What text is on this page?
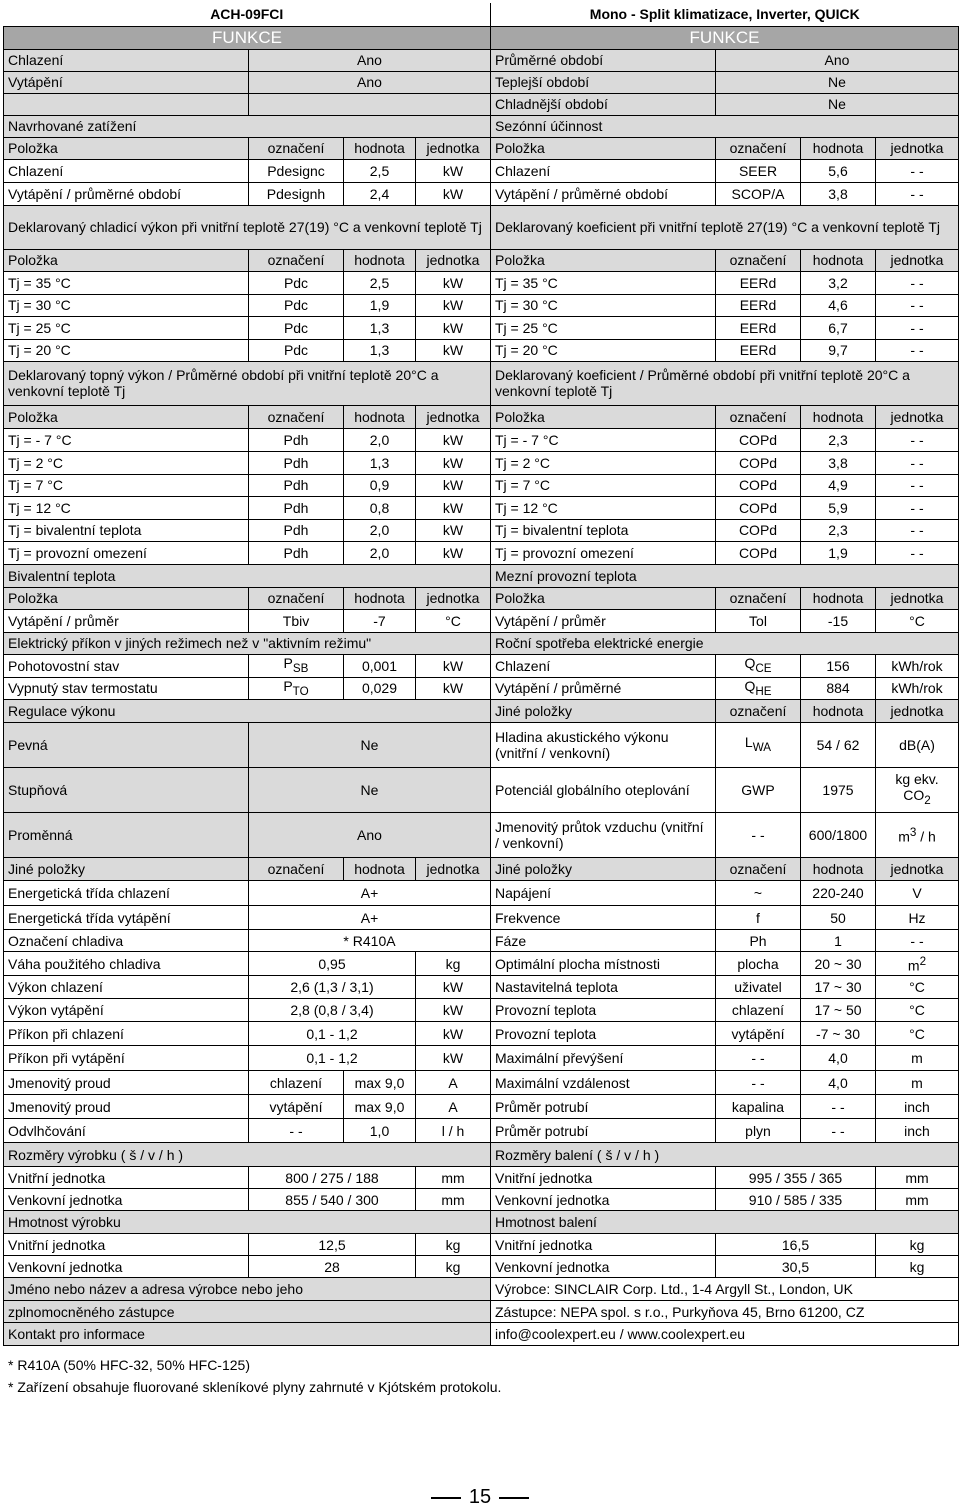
ACH-09FCI				Mono - Split klimatizace, Inverter, QUICK			
FUNKCE				FUNKCE			
Chlazení	Ano			Průměrné období	Ano		
Vytápění	Ano			Teplejší období	Ne		
				Chladnější období	Ne		
Navrhované zatížení				Sezónní účinnost			
Položka	označení	hodnota	jednotka	Položka	označení	hodnota	jednotka
Chlazení	Pdesignc	2,5	kW	Chlazení	SEER	5,6	- -
Vytápění / průměrné období	Pdesignh	2,4	kW	Vytápění / průměrné období	SCOP/A	3,8	- -
Deklarovaný chladicí výkon při vnitřní teplotě 27(19) °C a venkovní teplotě Tj				Deklarovaný koeficient při vnitřní teplotě 27(19) °C a venkovní teplotě Tj			
Položka	označení	hodnota	jednotka	Položka	označení	hodnota	jednotka
Tj = 35 °C	Pdc	2,5	kW	Tj = 35 °C	EERd	3,2	- -
Tj = 30 °C	Pdc	1,9	kW	Tj = 30 °C	EERd	4,6	- -
Tj = 25 °C	Pdc	1,3	kW	Tj = 25 °C	EERd	6,7	- -
Tj = 20 °C	Pdc	1,3	kW	Tj = 20 °C	EERd	9,7	- -
Deklarovaný topný výkon / Průměrné období při vnitřní teplotě 20°C a venkovní teplotě Tj				Deklarovaný koeficient / Průměrné období při vnitřní teplotě 20°C a venkovní teplotě Tj			
Položka	označení	hodnota	jednotka	Položka	označení	hodnota	jednotka
Tj = - 7 °C	Pdh	2,0	kW	Tj = - 7 °C	COPd	2,3	- -
Tj = 2 °C	Pdh	1,3	kW	Tj = 2 °C	COPd	3,8	- -
Tj = 7 °C	Pdh	0,9	kW	Tj = 7 °C	COPd	4,9	- -
Tj = 12 °C	Pdh	0,8	kW	Tj = 12 °C	COPd	5,9	- -
Tj = bivalentní teplota	Pdh	2,0	kW	Tj = bivalentní teplota	COPd	2,3	- -
Tj = provozní omezení	Pdh	2,0	kW	Tj = provozní omezení	COPd	1,9	- -
Bivalentní teplota				Mezní provozní teplota			
Položka	označení	hodnota	jednotka	Položka	označení	hodnota	jednotka
Vytápění / průměr	Tbiv	-7	°C	Vytápění / průměr	Tol	-15	°C
Elektrický příkon v jiných režimech než v "aktivním režimu"				Roční spotřeba elektrické energie			
Pohotovostní stav	$P_{SB}$	0,001	kW	Chlazení	$Q_{CE}$	156	kWh/rok
Vypnutý stav termostatu	$P_{TO}$	0,029	kW	Vytápění / průměrné	$Q_{HE}$	884	kWh/rok
Regulace výkonu				Jiné položky	označení	hodnota	jednotka
Pevná	Ne			Hladina akustického výkonu (vnitřní / venkovní)	$L_{WA}$	54 / 62	dB(A)
Stupňová	Ne			Potenciál globálního oteplování	GWP	1975	kg ekv. $CO_2$
Proměnná	Ano			Jmenovitý průtok vzduchu (vnitřní / venkovní)	- -	600/1800	$m^3$ / h
Jiné položky	označení	hodnota	jednotka	Jiné položky	označení	hodnota	jednotka
Energetická třída chlazení	A+			Napájení	~	220-240	V
Energetická třída vytápění	A+			Frekvence	f	50	Hz
Označení chladiva	* R410A			Fáze	Ph	1	- -
Váha použitého chladiva	0,95		kg	Optimální plocha místnosti	plocha	20 ~ 30	$m^2$
Výkon chlazení	2,6 (1,3 / 3,1)		kW	Nastavitelná teplota	uživatel	17 ~ 30	°C
Výkon vytápění	2,8 (0,8 / 3,4)		kW	Provozní teplota	chlazení	17 ~ 50	°C
Příkon při chlazení	0,1 - 1,2		kW	Provozní teplota	vytápění	-7 ~ 30	°C
Příkon při vytápění	0,1 - 1,2		kW	Maximální převýšení	- -	4,0	m
Jmenovitý proud	chlazení	max 9,0	A	Maximální vzdálenost	- -	4,0	m
Jmenovitý proud	vytápění	max 9,0	A	Průměr potrubí	kapalina	- -	inch
Odvlhčování	- -	1,0	l / h	Průměr potrubí	plyn	- -	inch
Rozměry výrobku ( š / v / h )				Rozměry balení ( š / v / h )			
Vnitřní jednotka	800 / 275 / 188		mm	Vnitřní jednotka	995 / 355 / 365		mm
Venkovní jednotka	855 / 540 / 300		mm	Venkovní jednotka	910 / 585 / 335		mm
Hmotnost výrobku				Hmotnost balení			
Vnitřní jednotka	12,5		kg	Vnitřní jednotka	16,5		kg
Venkovní jednotka	28		kg	Venkovní jednotka	30,5		kg
Jméno nebo název a adresa výrobce nebo jeho				Výrobce: SINCLAIR Corp. Ltd., 1-4 Argyll St., London, UK			
zplnomocněného zástupce				Zástupce: NEPA spol. s r.o., Purkyňova 45, Brno 61200, CZ			
Kontakt pro informace				info@coolexpert.eu / www.coolexpert.eu			
* R410A (50% HFC-32, 50% HFC-125)
* Zařízení obsahuje fluorované skleníkové plyny zahrnuté v Kjótském protokolu.
15
